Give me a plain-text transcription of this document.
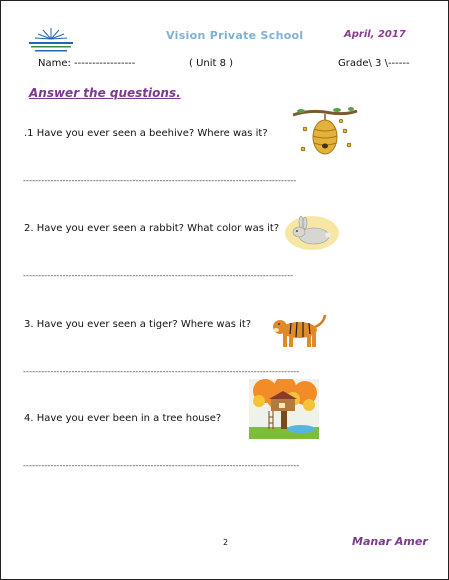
Vision Private School	April, 2017
Name: -----------------	( Unit 8 )	Grade\ 3 \------
Answer the questions.
.1 Have you ever seen a beehive? Where was it?
------------------------------------------------------------------------------------------
2. Have you ever seen a rabbit? What color was it?
-----------------------------------------------------------------------------------------
3. Have you ever seen a tiger? Where was it?
-------------------------------------------------------------------------------------------
4. Have you ever been in a tree house?
-------------------------------------------------------------------------------------------
2	Manar Amer
